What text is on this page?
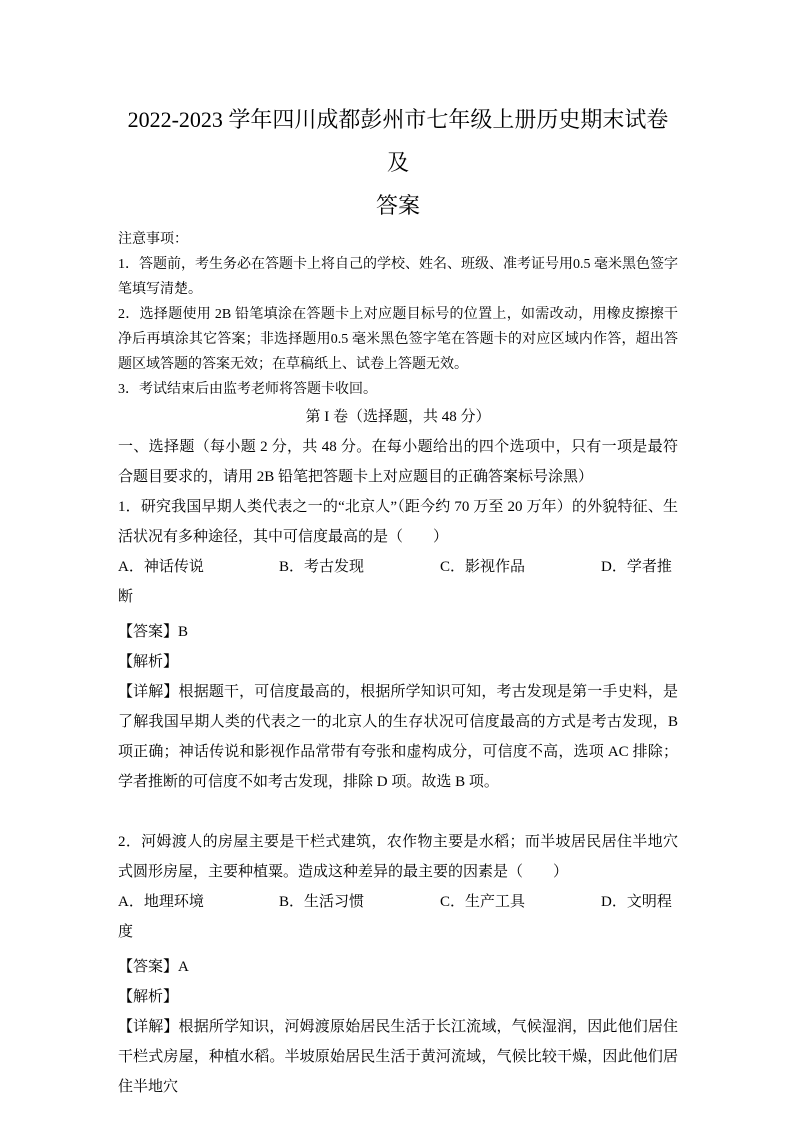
2022-2023 学年四川成都彭州市七年级上册历史期末试卷及
答案

注意事项：

1．答题前，考生务必在答题卡上将自己的学校、姓名、班级、准考证号用0.5 毫米黑色签字笔填写清楚。

2．选择题使用 2B 铅笔填涂在答题卡上对应题目标号的位置上，如需改动，用橡皮擦擦干净后再填涂其它答案；非选择题用0.5 毫米黑色签字笔在答题卡的对应区域内作答，超出答题区域答题的答案无效；在草稿纸上、试卷上答题无效。

3．考试结束后由监考老师将答题卡收回。

第 I 卷（选择题，共 48 分）

一、选择题（每小题 2 分，共 48 分。在每小题给出的四个选项中，只有一项是最符合题目要求的，请用 2B 铅笔把答题卡上对应题目的正确答案标号涂黑）

1．研究我国早期人类代表之一的“北京人”（距今约 70 万至 20 万年）的外貌特征、生活状况有多种途径，其中可信度最高的是（　　）

A．神话传说	B．考古发现	C．影视作品	D．学者推断

【答案】B

【解析】

【详解】根据题干，可信度最高的，根据所学知识可知，考古发现是第一手史料，是了解我国早期人类的代表之一的北京人的生存状况可信度最高的方式是考古发现，B 项正确；神话传说和影视作品常带有夸张和虚构成分，可信度不高，选项 AC 排除；学者推断的可信度不如考古发现，排除 D 项。故选 B 项。

2．河姆渡人的房屋主要是干栏式建筑，农作物主要是水稻；而半坡居民居住半地穴式圆形房屋，主要种植粟。造成这种差异的最主要的因素是（　　）

A．地理环境	B．生活习惯	C．生产工具	D．文明程度

【答案】A

【解析】

【详解】根据所学知识，河姆渡原始居民生活于长江流域，气候湿润，因此他们居住干栏式房屋，种植水稻。半坡原始居民生活于黄河流域，气候比较干燥，因此他们居住半地穴
